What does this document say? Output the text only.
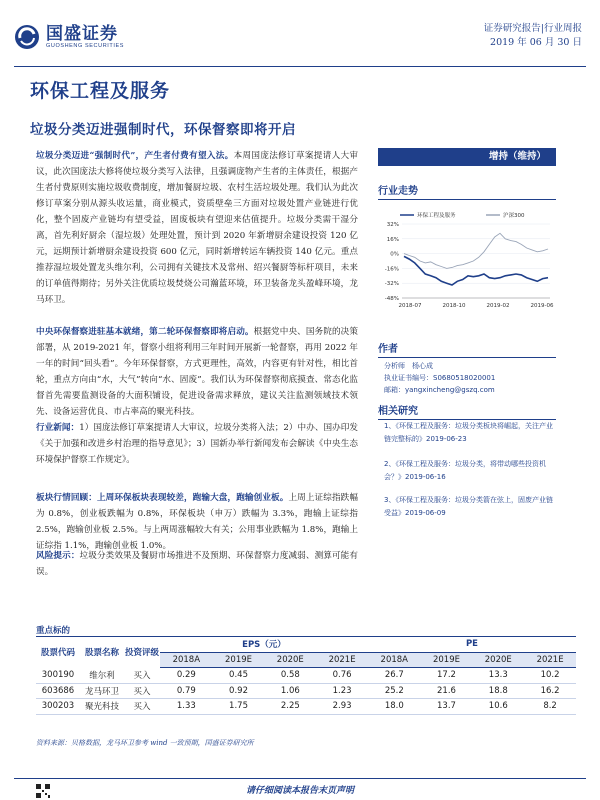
国盛证券
GUOSHENG SECURITIES
证券研究报告|行业周报
2019 年 06 月 30 日
环保工程及服务
垃圾分类迈进强制时代，环保督察即将开启
垃圾分类迈进“强制时代”，产生者付费有望入法。本周国庞法修订草案提请人大审议，此次国庞法大修将使垃圾分类写入法律，且强调庞物产生者的主体责任，根据产生者付费原则实施垃圾收费制度，增加餐厨垃圾、农村生活垃圾处理。我们认为此次修订草案分别从源头收运量，商业模式，资质壁垒三方面对垃圾处置产业链进行优化，整个固废产业链均有望受益，固废板块有望迎来估值提升。垃圾分类需干湿分离，首先利好厨余（湿垃圾）处理处置，预计到 2020 年新增厨余建设投资 120 亿元，远期预计新增厨余建设投资 600 亿元，同时新增转运车辆投资 140 亿元。重点推荐湿垃圾处置龙头维尔利，公司拥有关键技术及常州、绍兴餐厨等标杆项目，未来的订单值得期待；另外关注优质垃圾焚烧公司瀚蓝环境，环卫装备龙头盈峰环境，龙马环卫。
中央环保督察进驻基本就绪，第二轮环保督察即将启动。根据党中央、国务院的决策部署，从 2019-2021 年，督察小组将利用三年时间开展新一轮督察，再用 2022 年一年的时间“回头看”。今年环保督察，方式更理性，高效，内容更有针对性，相比首轮，重点方向由“水，大气”转向“水、固废”。我们认为环保督察彻底摸查、常态化监督首先需要监测设备的大面积铺设，促进设备需求释放，建议关注监测领域技术领先、设备运营优良、市占率高的聚光科技。
行业新闻：1）国庞法修订草案提请人大审议，垃圾分类将入法；2）中办、国办印发《关于加强和改进乡村治理的指导意见》；3）国新办举行新闻发布会解读《中央生态环境保护督察工作规定》。
板块行情回顾：上周环保板块表现较差，跑输大盘，跑输创业板。上周上证综指跌幅为 0.8%，创业板跌幅为 0.8%，环保板块（申万）跌幅为 3.3%，跑输上证综指 2.5%，跑输创业板 2.5%。与上两周涨幅较大有关；公用事业跌幅为 1.8%，跑输上证综指 1.1%，跑输创业板 1.0%。
风险提示：垃圾分类效果及餐厨市场推进不及预期、环保督察力度减弱、测算可能有误。
增持（维持）
行业走势
环保工程及服务	沪深300
32%
16%
0%
-16%
-32%
-48%
2018-07	2018-10	2019-02	2019-06
作者
分析师　杨心成
执业证书编号：S0680518020001
邮箱：yangxincheng@gszq.com
相关研究
1、《环保工程及服务：垃圾分类板块将崛起，关注产业链完整标的》2019-06-23
2、《环保工程及服务：垃圾分类，将带动哪些投资机会？》2019-06-16
3、《环保工程及服务：垃圾分类箭在弦上，固废产业链受益》2019-06-09
重点标的
股票代码	股票名称	投资评级	EPS（元）				PE			
			2018A	2019E	2020E	2021E	2018A	2019E	2020E	2021E
300190	维尔利	买入	0.29	0.45	0.58	0.76	26.7	17.2	13.3	10.2
603686	龙马环卫	买入	0.79	0.92	1.06	1.23	25.2	21.6	18.8	16.2
300203	聚光科技	买入	1.33	1.75	2.25	2.93	18.0	13.7	10.6	8.2
资料来源：贝格数据，龙马环卫参考 wind 一致预期，国盛证券研究所
请仔细阅读本报告末页声明
